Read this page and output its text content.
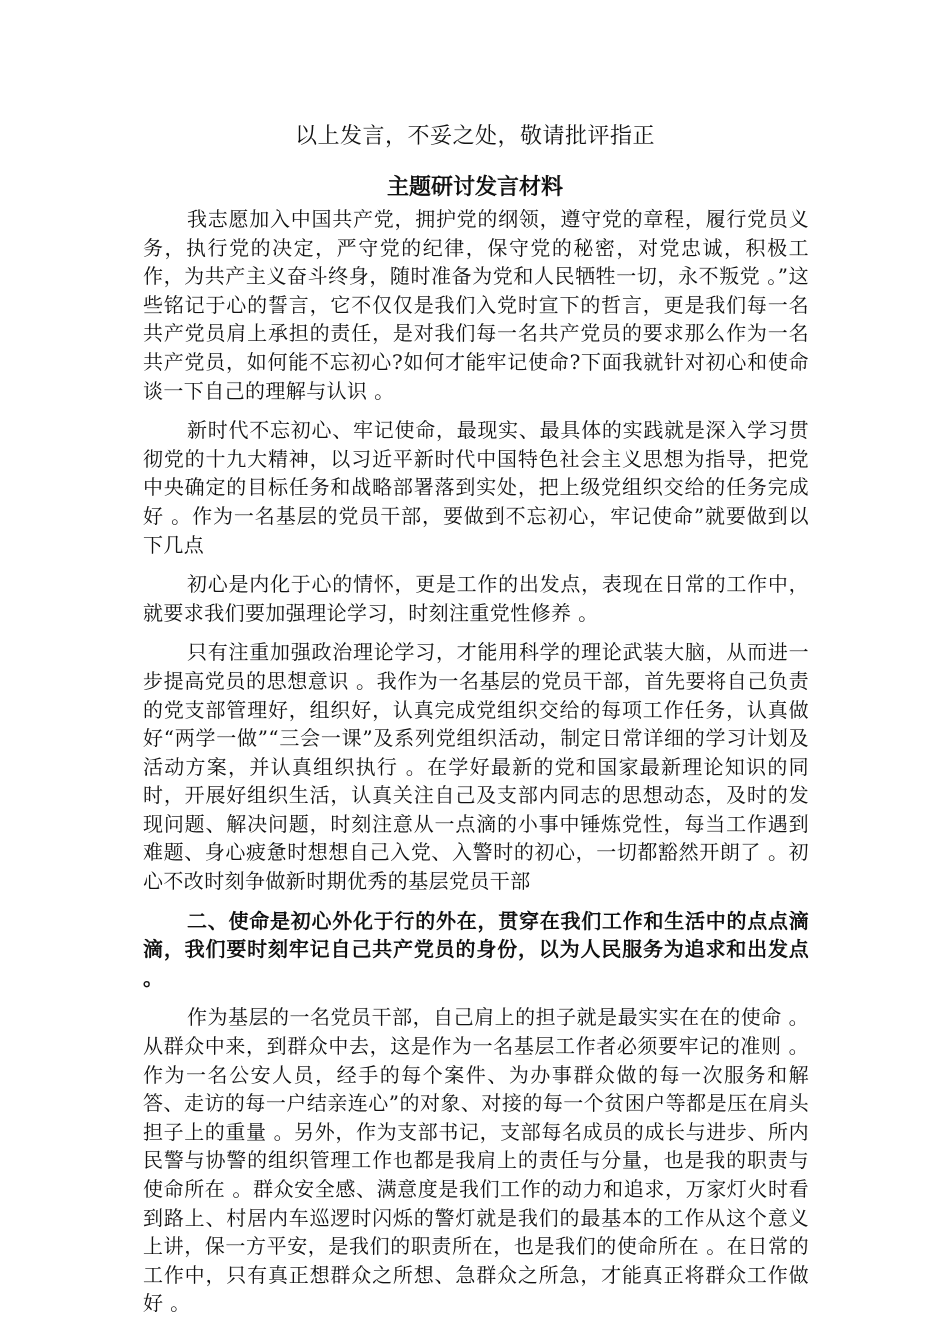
以上发言，不妥之处，敬请批评指正
主题研讨发言材料

我志愿加入中国共产党，拥护党的纲领，遵守党的章程，履行党员义务，执行党的决定，严守党的纪律，保守党的秘密，对党忠诚，积极工作，为共产主义奋斗终身，随时准备为党和人民牺牲一切，永不叛党 。”这些铭记于心的誓言，它不仅仅是我们入党时宣下的哲言，更是我们每一名共产党员肩上承担的责任，是对我们每一名共产党员的要求那么作为一名共产党员，如何能不忘初心?如何才能牢记使命?下面我就针对初心和使命谈一下自己的理解与认识 。

新时代不忘初心、牢记使命，最现实、最具体的实践就是深入学习贯彻党的十九大精神，以习近平新时代中国特色社会主义思想为指导，把党中央确定的目标任务和战略部署落到实处，把上级党组织交给的任务完成好 。作为一名基层的党员干部，要做到不忘初心，牢记使命”就要做到以下几点

初心是内化于心的情怀，更是工作的出发点，表现在日常的工作中，就要求我们要加强理论学习，时刻注重党性修养 。

只有注重加强政治理论学习，才能用科学的理论武装大脑，从而进一步提高党员的思想意识 。我作为一名基层的党员干部，首先要将自己负责的党支部管理好，组织好，认真完成党组织交给的每项工作任务，认真做好“两学一做”“三会一课”及系列党组织活动，制定日常详细的学习计划及活动方案，并认真组织执行 。在学好最新的党和国家最新理论知识的同时，开展好组织生活，认真关注自己及支部内同志的思想动态，及时的发现问题、解决问题，时刻注意从一点滴的小事中锤炼党性，每当工作遇到难题、身心疲惫时想想自己入党、入警时的初心，一切都豁然开朗了 。初心不改时刻争做新时期优秀的基层党员干部

二、使命是初心外化于行的外在，贯穿在我们工作和生活中的点点滴滴，我们要时刻牢记自己共产党员的身份，以为人民服务为追求和出发点 。

作为基层的一名党员干部，自己肩上的担子就是最实实在在的使命 。从群众中来，到群众中去，这是作为一名基层工作者必须要牢记的准则 。作为一名公安人员，经手的每个案件、为办事群众做的每一次服务和解答、走访的每一户结亲连心”的对象、对接的每一个贫困户等都是压在肩头担子上的重量 。另外，作为支部书记，支部每名成员的成长与进步、所内民警与协警的组织管理工作也都是我肩上的责任与分量，也是我的职责与使命所在 。群众安全感、满意度是我们工作的动力和追求，万家灯火时看到路上、村居内车巡逻时闪烁的警灯就是我们的最基本的工作从这个意义上讲，保一方平安，是我们的职责所在，也是我们的使命所在 。在日常的工作中，只有真正想群众之所想、急群众之所急，才能真正将群众工作做好 。
